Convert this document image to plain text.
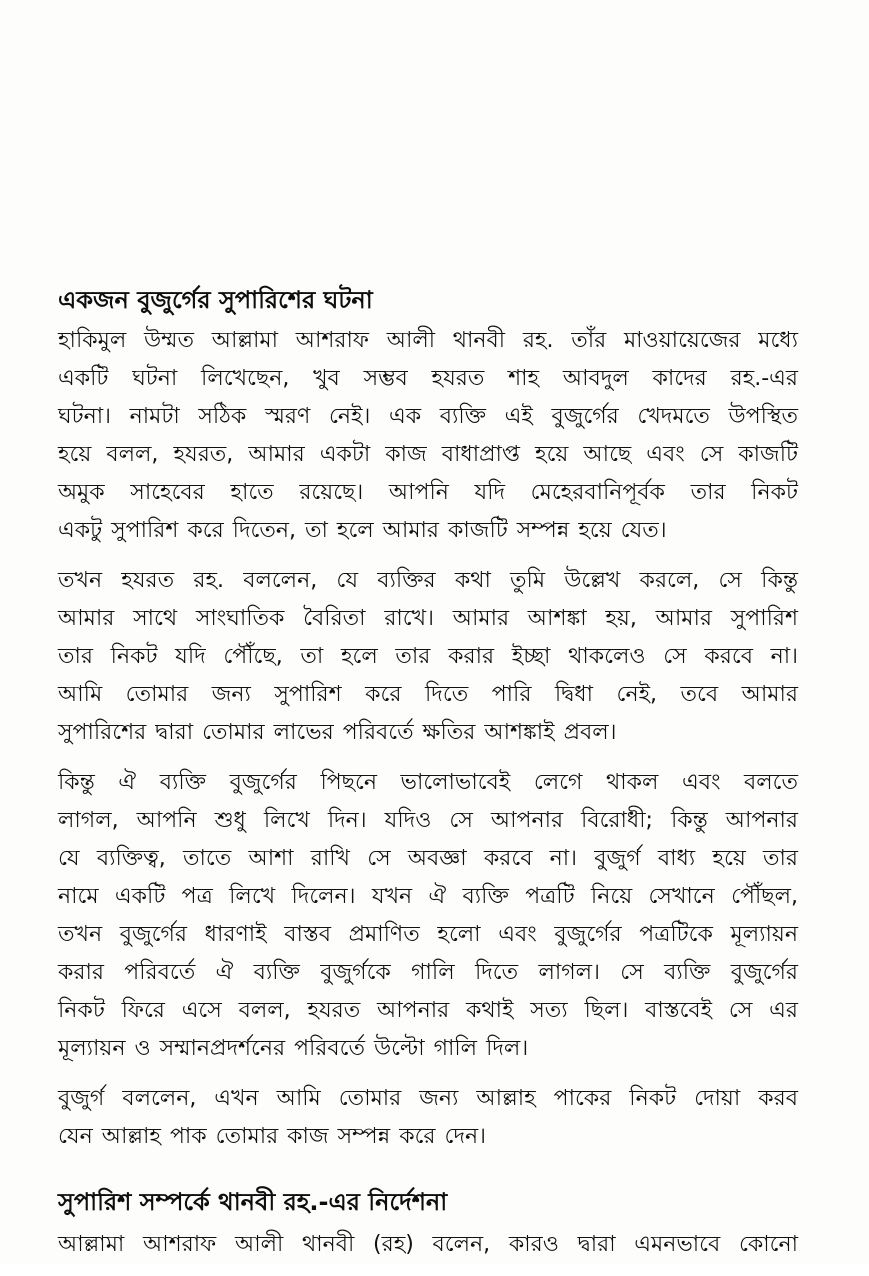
একজন বুজুর্গের সুপারিশের ঘটনা

হাকিমুল উম্মত আল্লামা আশরাফ আলী থানবী রহ. তাঁর মাওয়ায়েজের মধ্যে
একটি ঘটনা লিখেছেন, খুব সম্ভব হযরত শাহ আবদুল কাদের রহ.-এর
ঘটনা। নামটা সঠিক স্মরণ নেই। এক ব্যক্তি এই বুজুর্গের খেদমতে উপস্থিত
হয়ে বলল, হযরত, আমার একটা কাজ বাধাপ্রাপ্ত হয়ে আছে এবং সে কাজটি
অমুক সাহেবের হাতে রয়েছে। আপনি যদি মেহেরবানিপূর্বক তার নিকট
একটু সুপারিশ করে দিতেন, তা হলে আমার কাজটি সম্পন্ন হয়ে যেত।

তখন হযরত রহ. বললেন, যে ব্যক্তির কথা তুমি উল্লেখ করলে, সে কিন্তু
আমার সাথে সাংঘাতিক বৈরিতা রাখে। আমার আশঙ্কা হয়, আমার সুপারিশ
তার নিকট যদি পৌঁছে, তা হলে তার করার ইচ্ছা থাকলেও সে করবে না।
আমি তোমার জন্য সুপারিশ করে দিতে পারি দ্বিধা নেই, তবে আমার
সুপারিশের দ্বারা তোমার লাভের পরিবর্তে ক্ষতির আশঙ্কাই প্রবল।

কিন্তু ঐ ব্যক্তি বুজুর্গের পিছনে ভালোভাবেই লেগে থাকল এবং বলতে
লাগল, আপনি শুধু লিখে দিন। যদিও সে আপনার বিরোধী; কিন্তু আপনার
যে ব্যক্তিত্ব, তাতে আশা রাখি সে অবজ্ঞা করবে না। বুজুর্গ বাধ্য হয়ে তার
নামে একটি পত্র লিখে দিলেন। যখন ঐ ব্যক্তি পত্রটি নিয়ে সেখানে পৌঁছল,
তখন বুজুর্গের ধারণাই বাস্তব প্রমাণিত হলো এবং বুজুর্গের পত্রটিকে মূল্যায়ন
করার পরিবর্তে ঐ ব্যক্তি বুজুর্গকে গালি দিতে লাগল। সে ব্যক্তি বুজুর্গের
নিকট ফিরে এসে বলল, হযরত আপনার কথাই সত্য ছিল। বাস্তবেই সে এর
মূল্যায়ন ও সম্মানপ্রদর্শনের পরিবর্তে উল্টো গালি দিল।

বুজুর্গ বললেন, এখন আমি তোমার জন্য আল্লাহ পাকের নিকট দোয়া করব
যেন আল্লাহ পাক তোমার কাজ সম্পন্ন করে দেন।

সুপারিশ সম্পর্কে থানবী রহ.-এর নির্দেশনা

আল্লামা আশরাফ আলী থানবী (রহ) বলেন, কারও দ্বারা এমনভাবে কোনো
